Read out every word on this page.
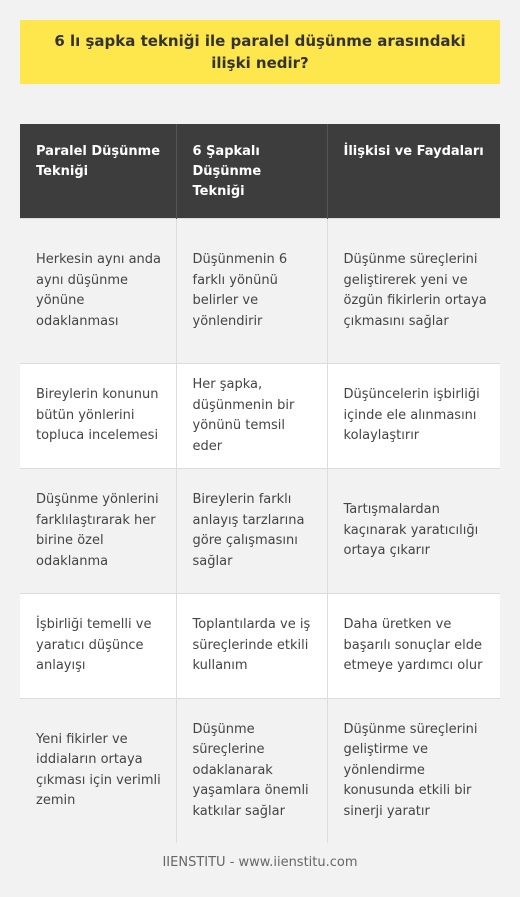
6 lı şapka tekniği ile paralel düşünme arasındaki ilişki nedir?
Paralel Düşünme Tekniği	6 Şapkalı Düşünme Tekniği	İlişkisi ve Faydaları
Herkesin aynı anda aynı düşünme yönüne odaklanması	Düşünmenin 6 farklı yönünü belirler ve yönlendirir	Düşünme süreçlerini geliştirerek yeni ve özgün fikirlerin ortaya çıkmasını sağlar
Bireylerin konunun bütün yönlerini topluca incelemesi	Her şapka, düşünmenin bir yönünü temsil eder	Düşüncelerin işbirliği içinde ele alınmasını kolaylaştırır
Düşünme yönlerini farklılaştırarak her birine özel odaklanma	Bireylerin farklı anlayış tarzlarına göre çalışmasını sağlar	Tartışmalardan kaçınarak yaratıcılığı ortaya çıkarır
İşbirliği temelli ve yaratıcı düşünce anlayışı	Toplantılarda ve iş süreçlerinde etkili kullanım	Daha üretken ve başarılı sonuçlar elde etmeye yardımcı olur
Yeni fikirler ve iddiaların ortaya çıkması için verimli zemin	Düşünme süreçlerine odaklanarak yaşamlara önemli katkılar sağlar	Düşünme süreçlerini geliştirme ve yönlendirme konusunda etkili bir sinerji yaratır
IIENSTITU - www.iienstitu.com
